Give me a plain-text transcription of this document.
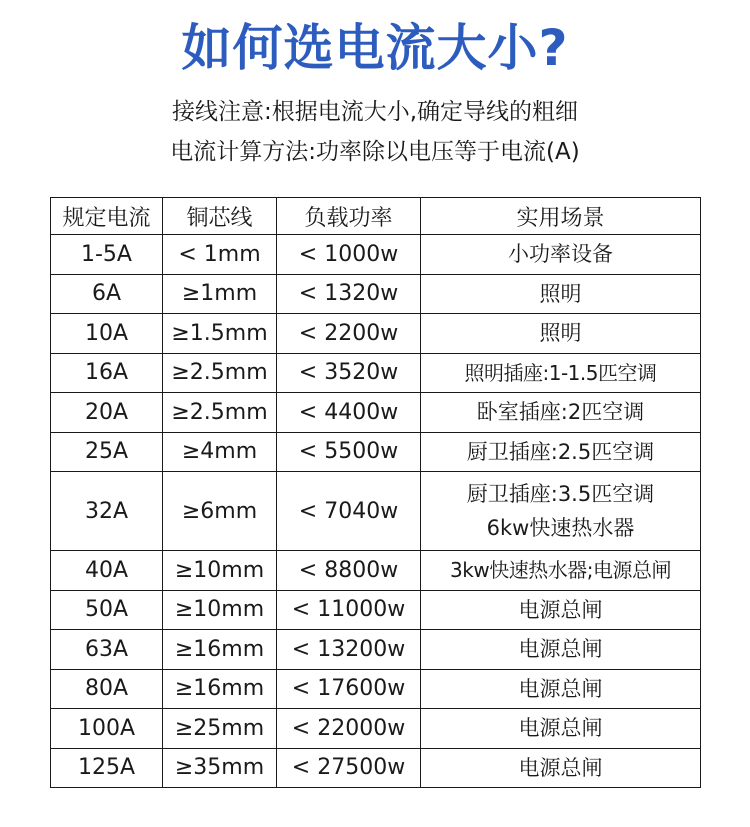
如何选电流大小?
接线注意:根据电流大小,确定导线的粗细
电流计算方法:功率除以电压等于电流(A)
规定电流	铜芯线	负载功率	实用场景
1-5A	< 1mm	< 1000w	小功率设备

6A	≥1mm	< 1320w	照明

10A	≥1.5mm	< 2200w	照明

16A	≥2.5mm	< 3520w	照明插座:1-1.5匹空调

20A	≥2.5mm	< 4400w	卧室插座:2匹空调

25A	≥4mm	< 5500w	厨卫插座:2.5匹空调

32A	≥6mm	< 7040w	厨卫插座:3.5匹空调
6kw快速热水器

40A	≥10mm	< 8800w	3kw快速热水器;电源总闸

50A	≥10mm	< 11000w	电源总闸

63A	≥16mm	< 13200w	电源总闸

80A	≥16mm	< 17600w	电源总闸

100A	≥25mm	< 22000w	电源总闸

125A	≥35mm	< 27500w	电源总闸
